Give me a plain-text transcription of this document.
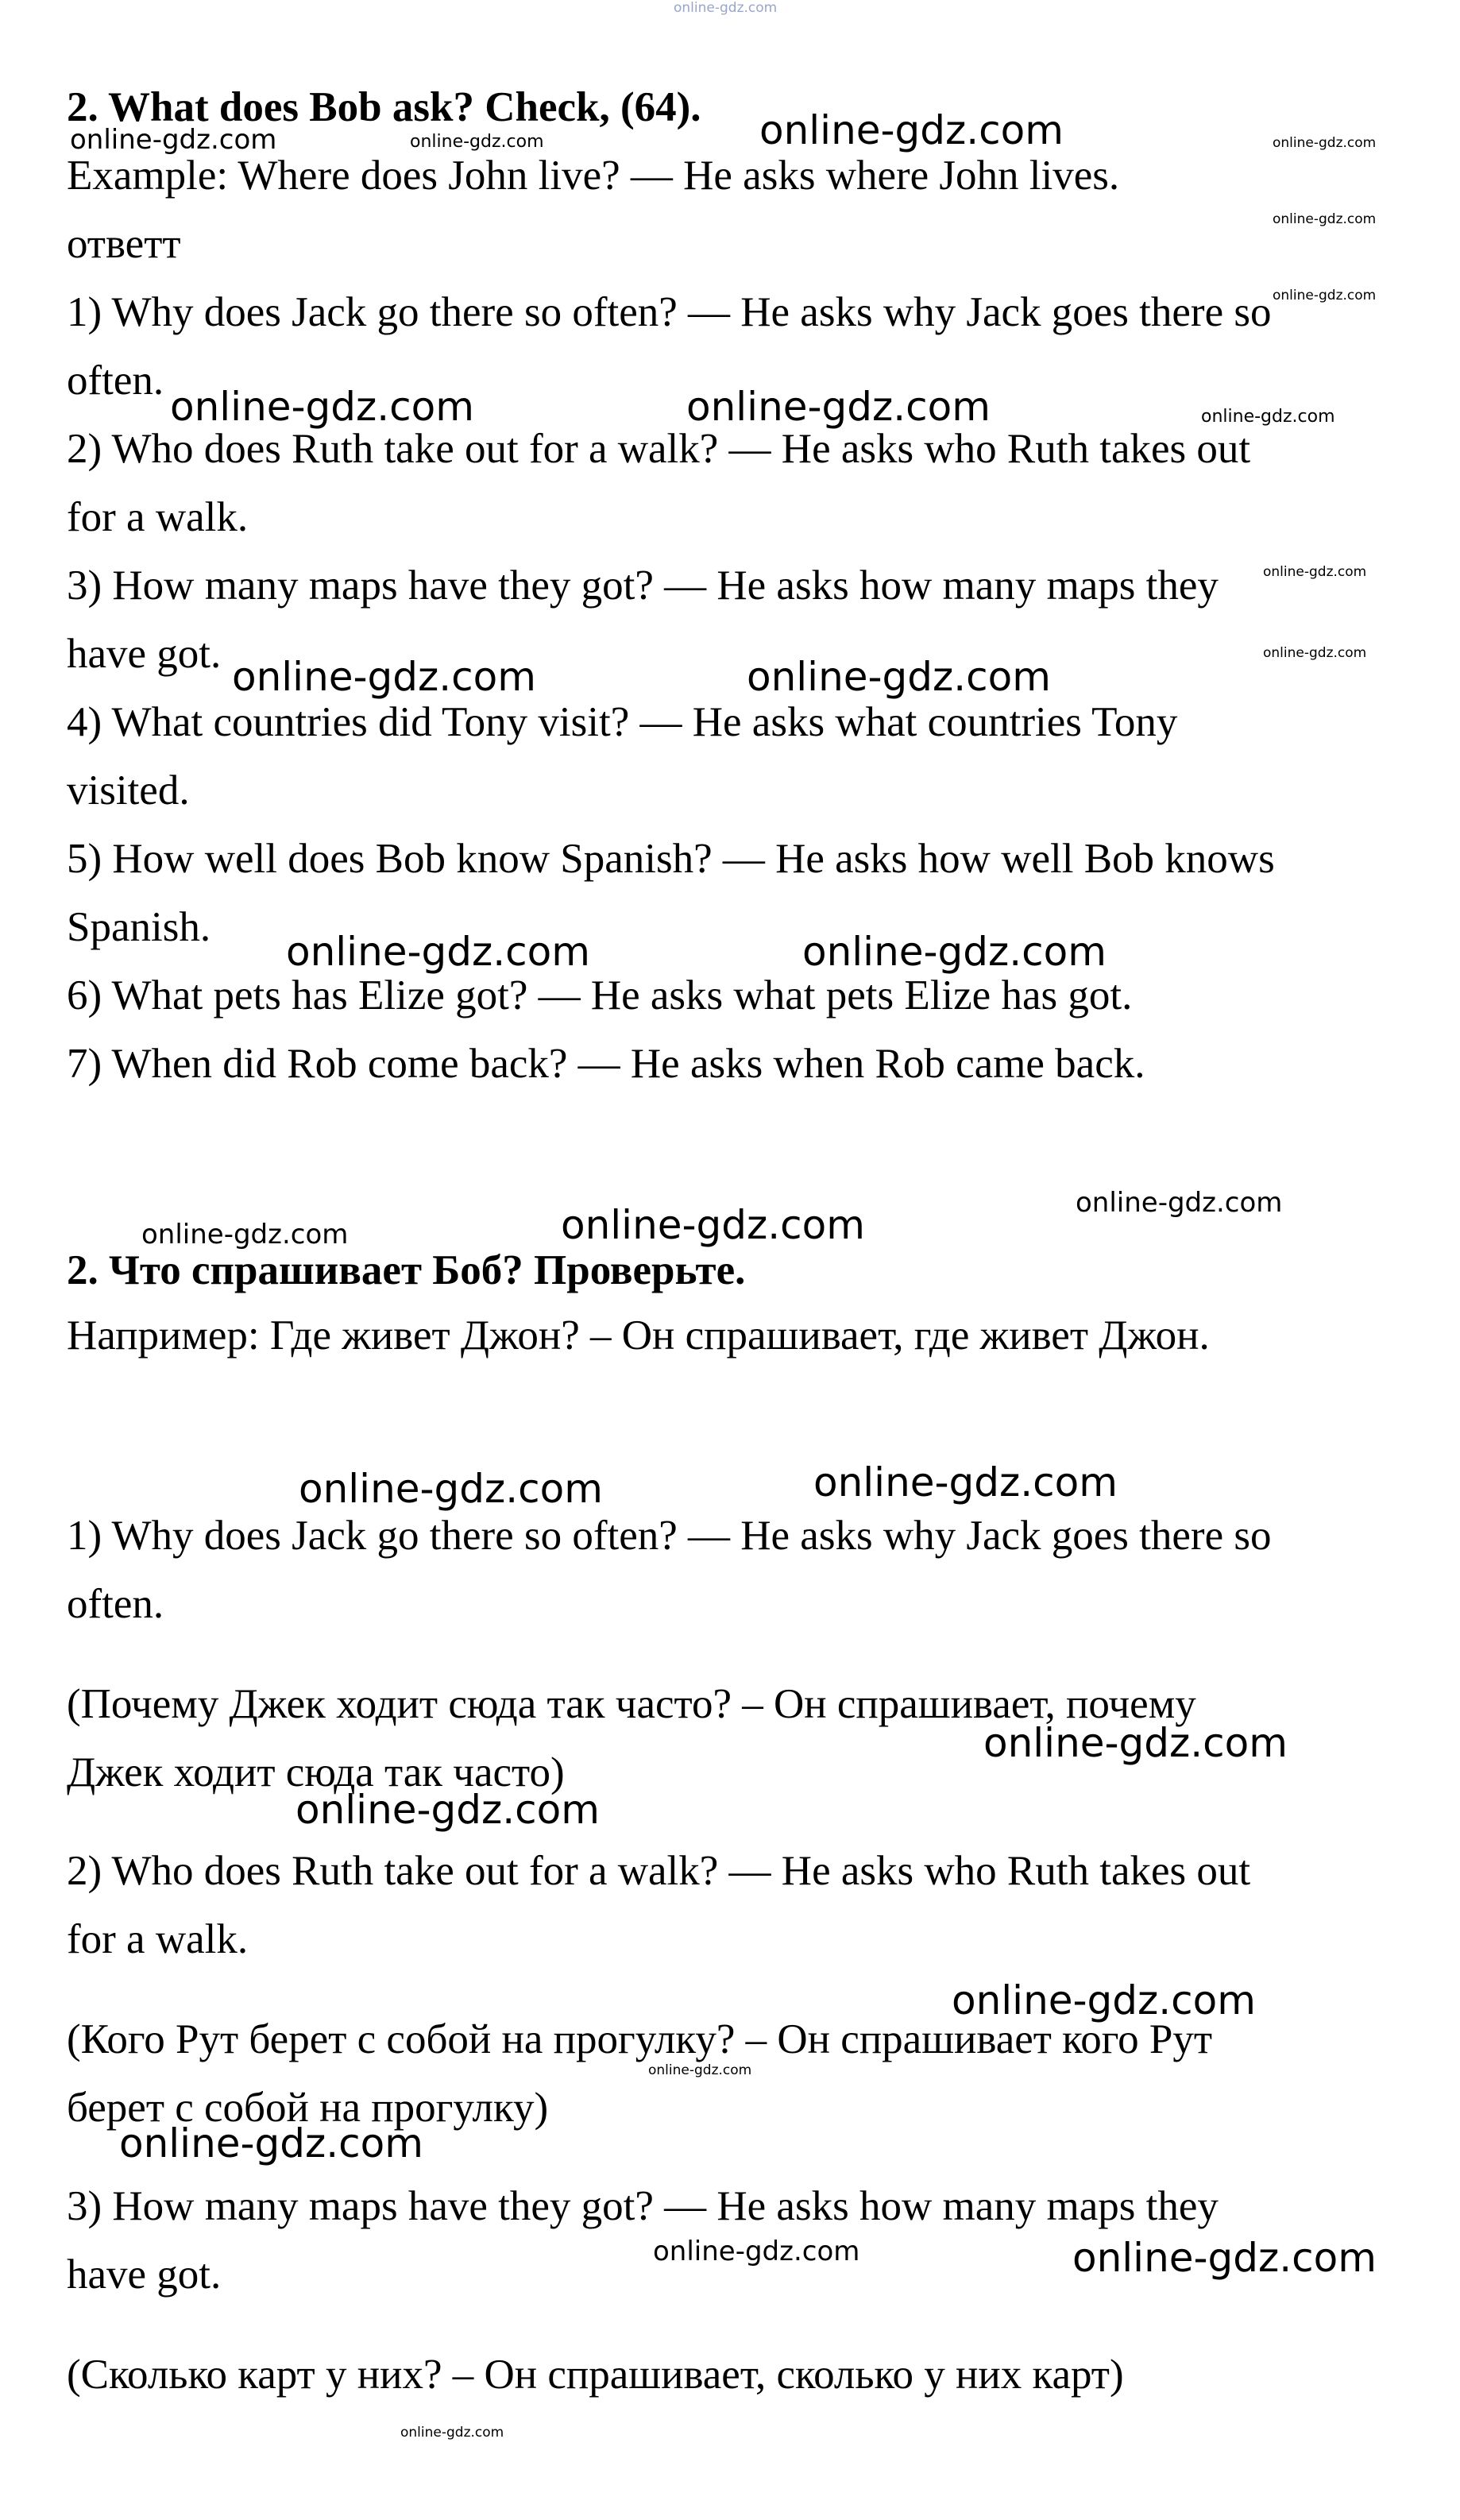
online-gdz.com

2. What does Bob ask? Check, (64).

Example: Where does John live? — He asks where John lives.

ответт

1) Why does Jack go there so often? — He asks why Jack goes there so

often.

2) Who does Ruth take out for a walk? — He asks who Ruth takes out

for a walk.

3) How many maps have they got? — He asks how many maps they

have got.

4) What countries did Tony visit? — He asks what countries Tony

visited.

5) How well does Bob know Spanish? — He asks how well Bob knows

Spanish.

6) What pets has Elize got? — He asks what pets Elize has got.

7) When did Rob come back? — He asks when Rob came back.

2. Что спрашивает Боб? Проверьте.

Например: Где живет Джон? – Он спрашивает, где живет Джон.

1) Why does Jack go there so often? — He asks why Jack goes there so

often.

(Почему Джек ходит сюда так часто? – Он спрашивает, почему

Джек ходит сюда так часто)

2) Who does Ruth take out for a walk? — He asks who Ruth takes out

for a walk.

(Кого Рут берет с собой на прогулку? – Он спрашивает кого Рут

берет с собой на прогулку)

3) How many maps have they got? — He asks how many maps they

have got.

(Сколько карт у них? – Он спрашивает, сколько у них карт)

online-gdz.com
online-gdz.com	online-gdz.com	online-gdz.com
online-gdz.com
online-gdz.com
online-gdz.com	online-gdz.com	online-gdz.com
online-gdz.com
online-gdz.com
online-gdz.com	online-gdz.com
online-gdz.com	online-gdz.com
online-gdz.com
online-gdz.com	online-gdz.com
online-gdz.com	online-gdz.com
online-gdz.com
online-gdz.com
online-gdz.com
online-gdz.com
online-gdz.com
online-gdz.com	online-gdz.com
online-gdz.com
